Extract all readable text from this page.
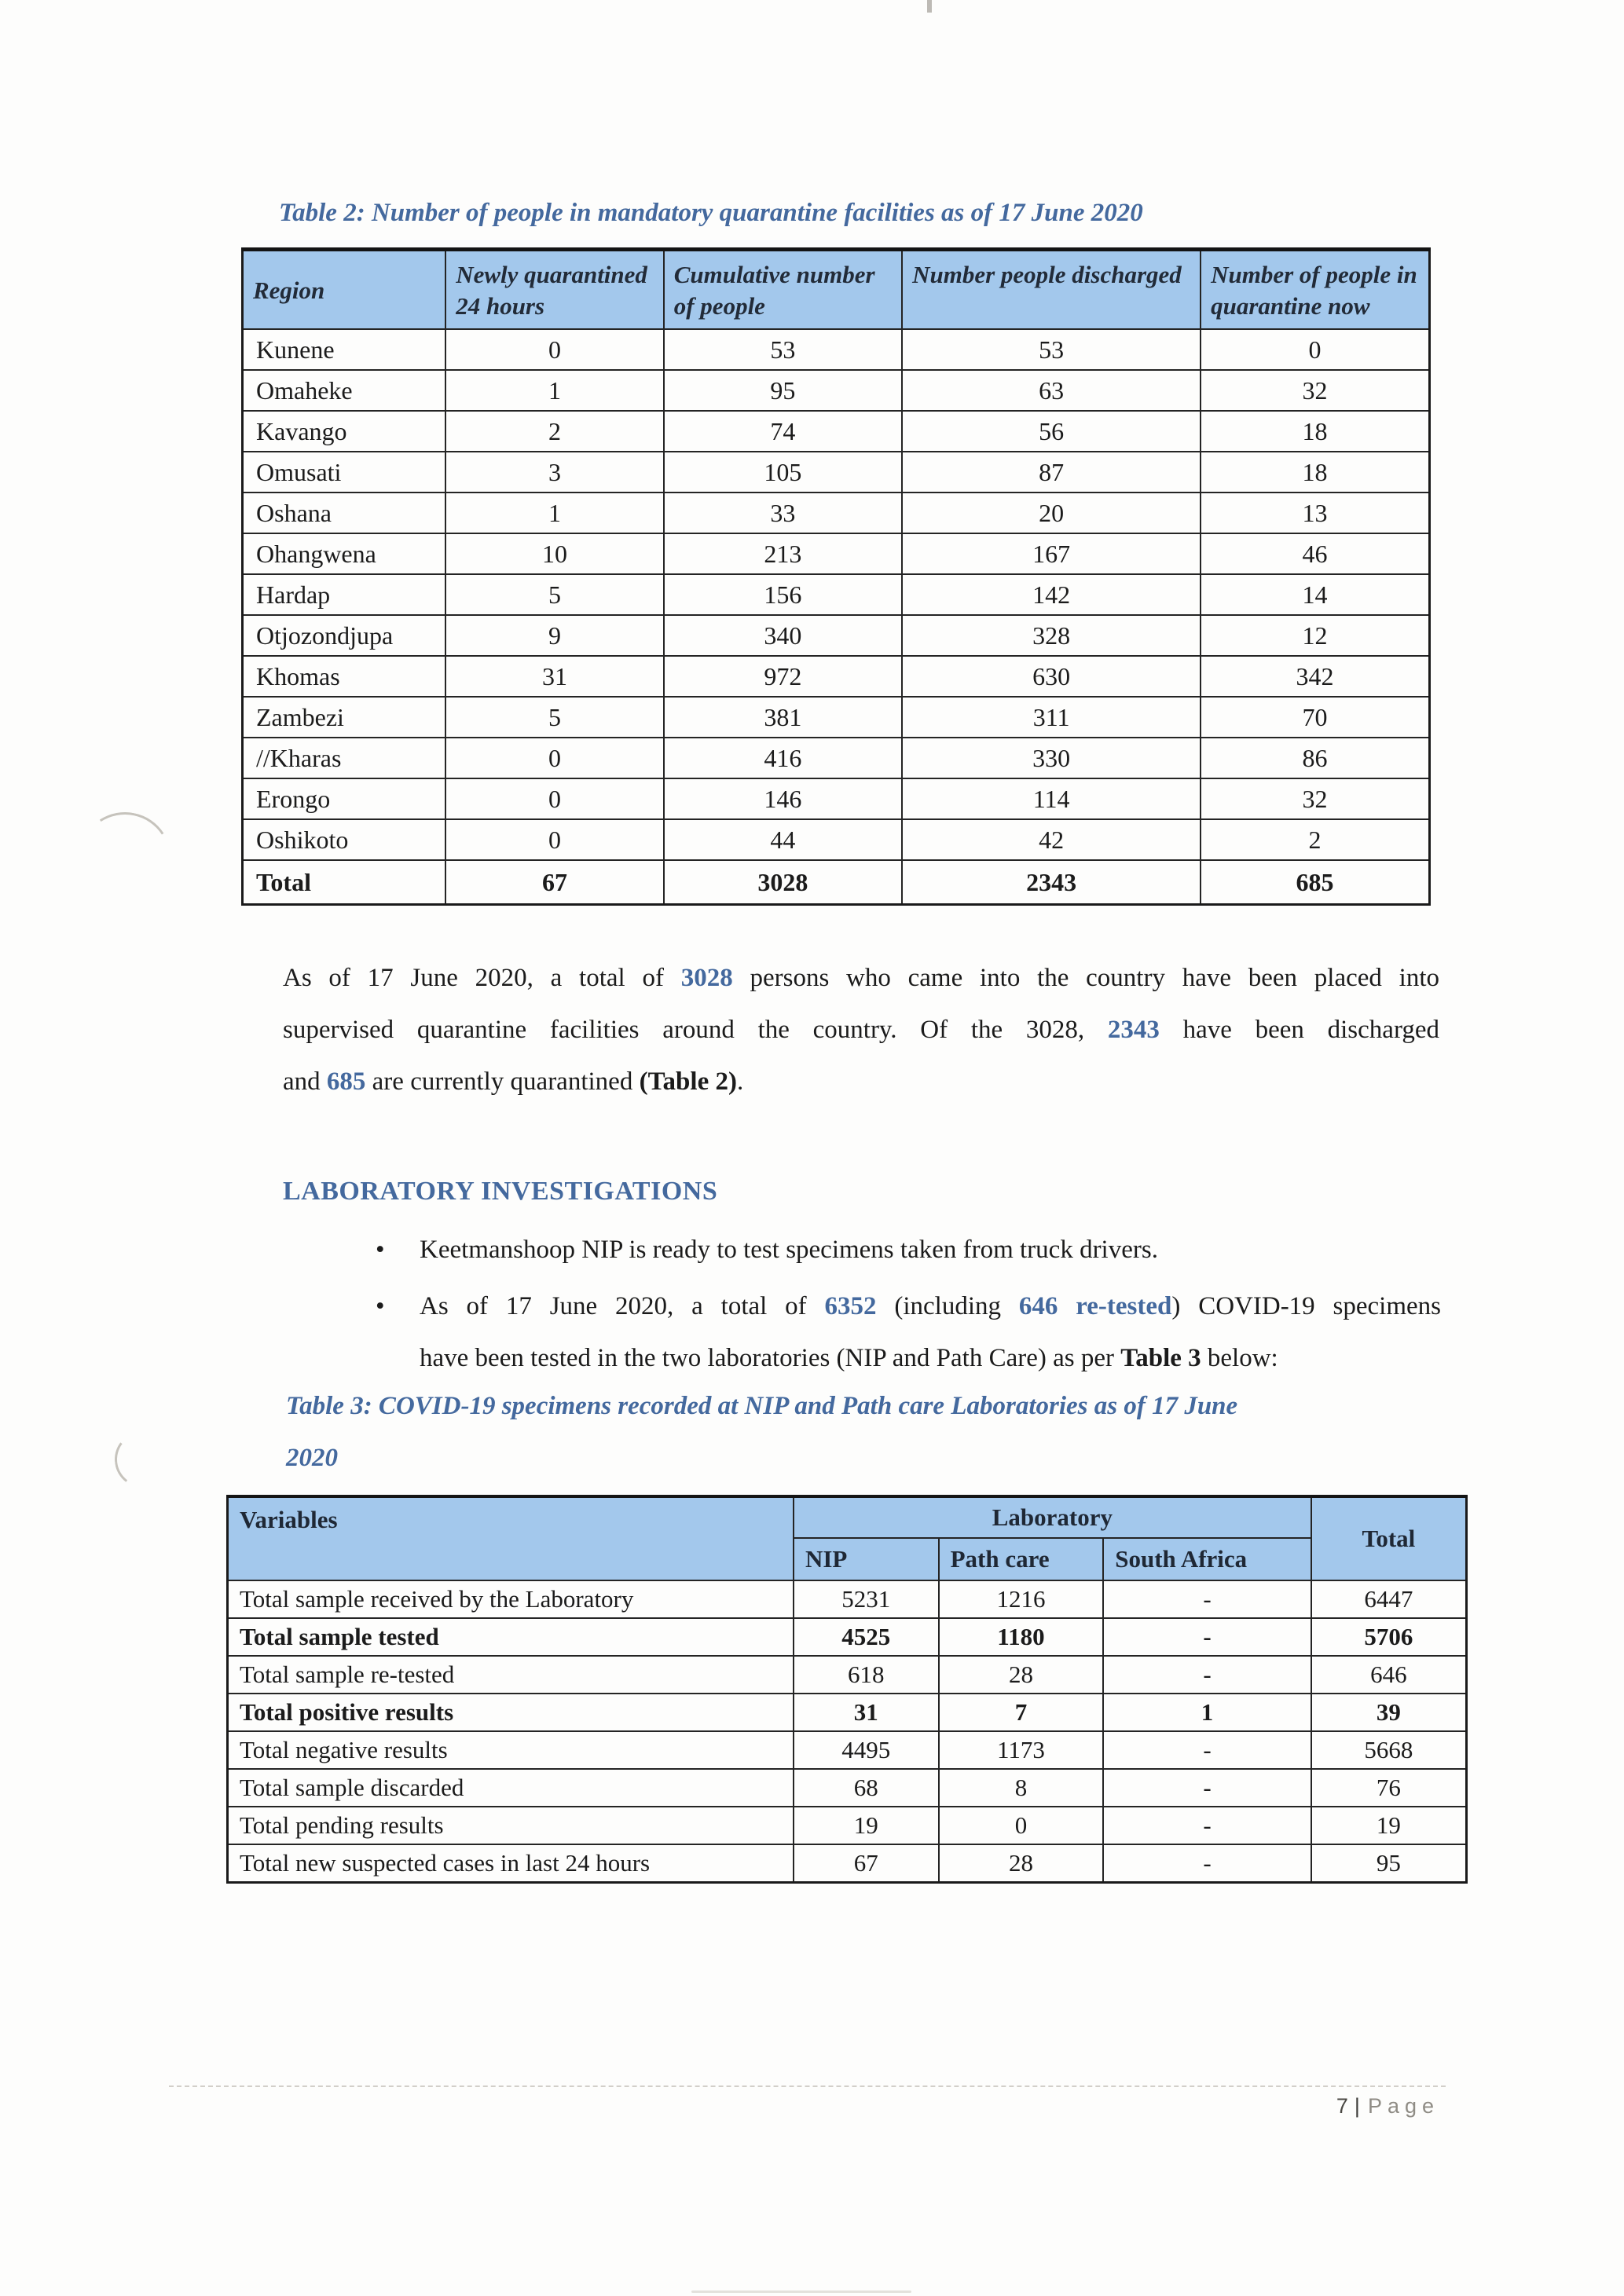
Table 2: Number of people in mandatory quarantine facilities as of 17 June 2020
Region	Newly quarantined 24 hours	Cumulative number of people	Number people discharged	Number of people in quarantine now
Kunene	0	53	53	0
Omaheke	1	95	63	32
Kavango	2	74	56	18
Omusati	3	105	87	18
Oshana	1	33	20	13
Ohangwena	10	213	167	46
Hardap	5	156	142	14
Otjozondjupa	9	340	328	12
Khomas	31	972	630	342
Zambezi	5	381	311	70
//Kharas	0	416	330	86
Erongo	0	146	114	32
Oshikoto	0	44	42	2
Total	67	3028	2343	685
As of 17 June 2020, a total of 3028 persons who came into the country have been placed into
supervised quarantine facilities around the country. Of the 3028, 2343 have been discharged
and 685 are currently quarantined (Table 2).
LABORATORY INVESTIGATIONS
•	Keetmanshoop NIP is ready to test specimens taken from truck drivers.
•	As of 17 June 2020, a total of 6352 (including 646 re-tested) COVID-19 specimens
have been tested in the two laboratories (NIP and Path Care) as per Table 3 below:
Table 3: COVID-19 specimens recorded at NIP and Path care Laboratories as of 17 June
2020
Variables	Laboratory			Total
	NIP	Path care	South Africa	
Total sample received by the Laboratory	5231	1216	-	6447
Total sample tested	4525	1180	-	5706
Total sample re-tested	618	28	-	646
Total positive results	31	7	1	39
Total negative results	4495	1173	-	5668
Total sample discarded	68	8	-	76
Total pending results	19	0	-	19
Total new suspected cases in last 24 hours	67	28	-	95
7 | Page
